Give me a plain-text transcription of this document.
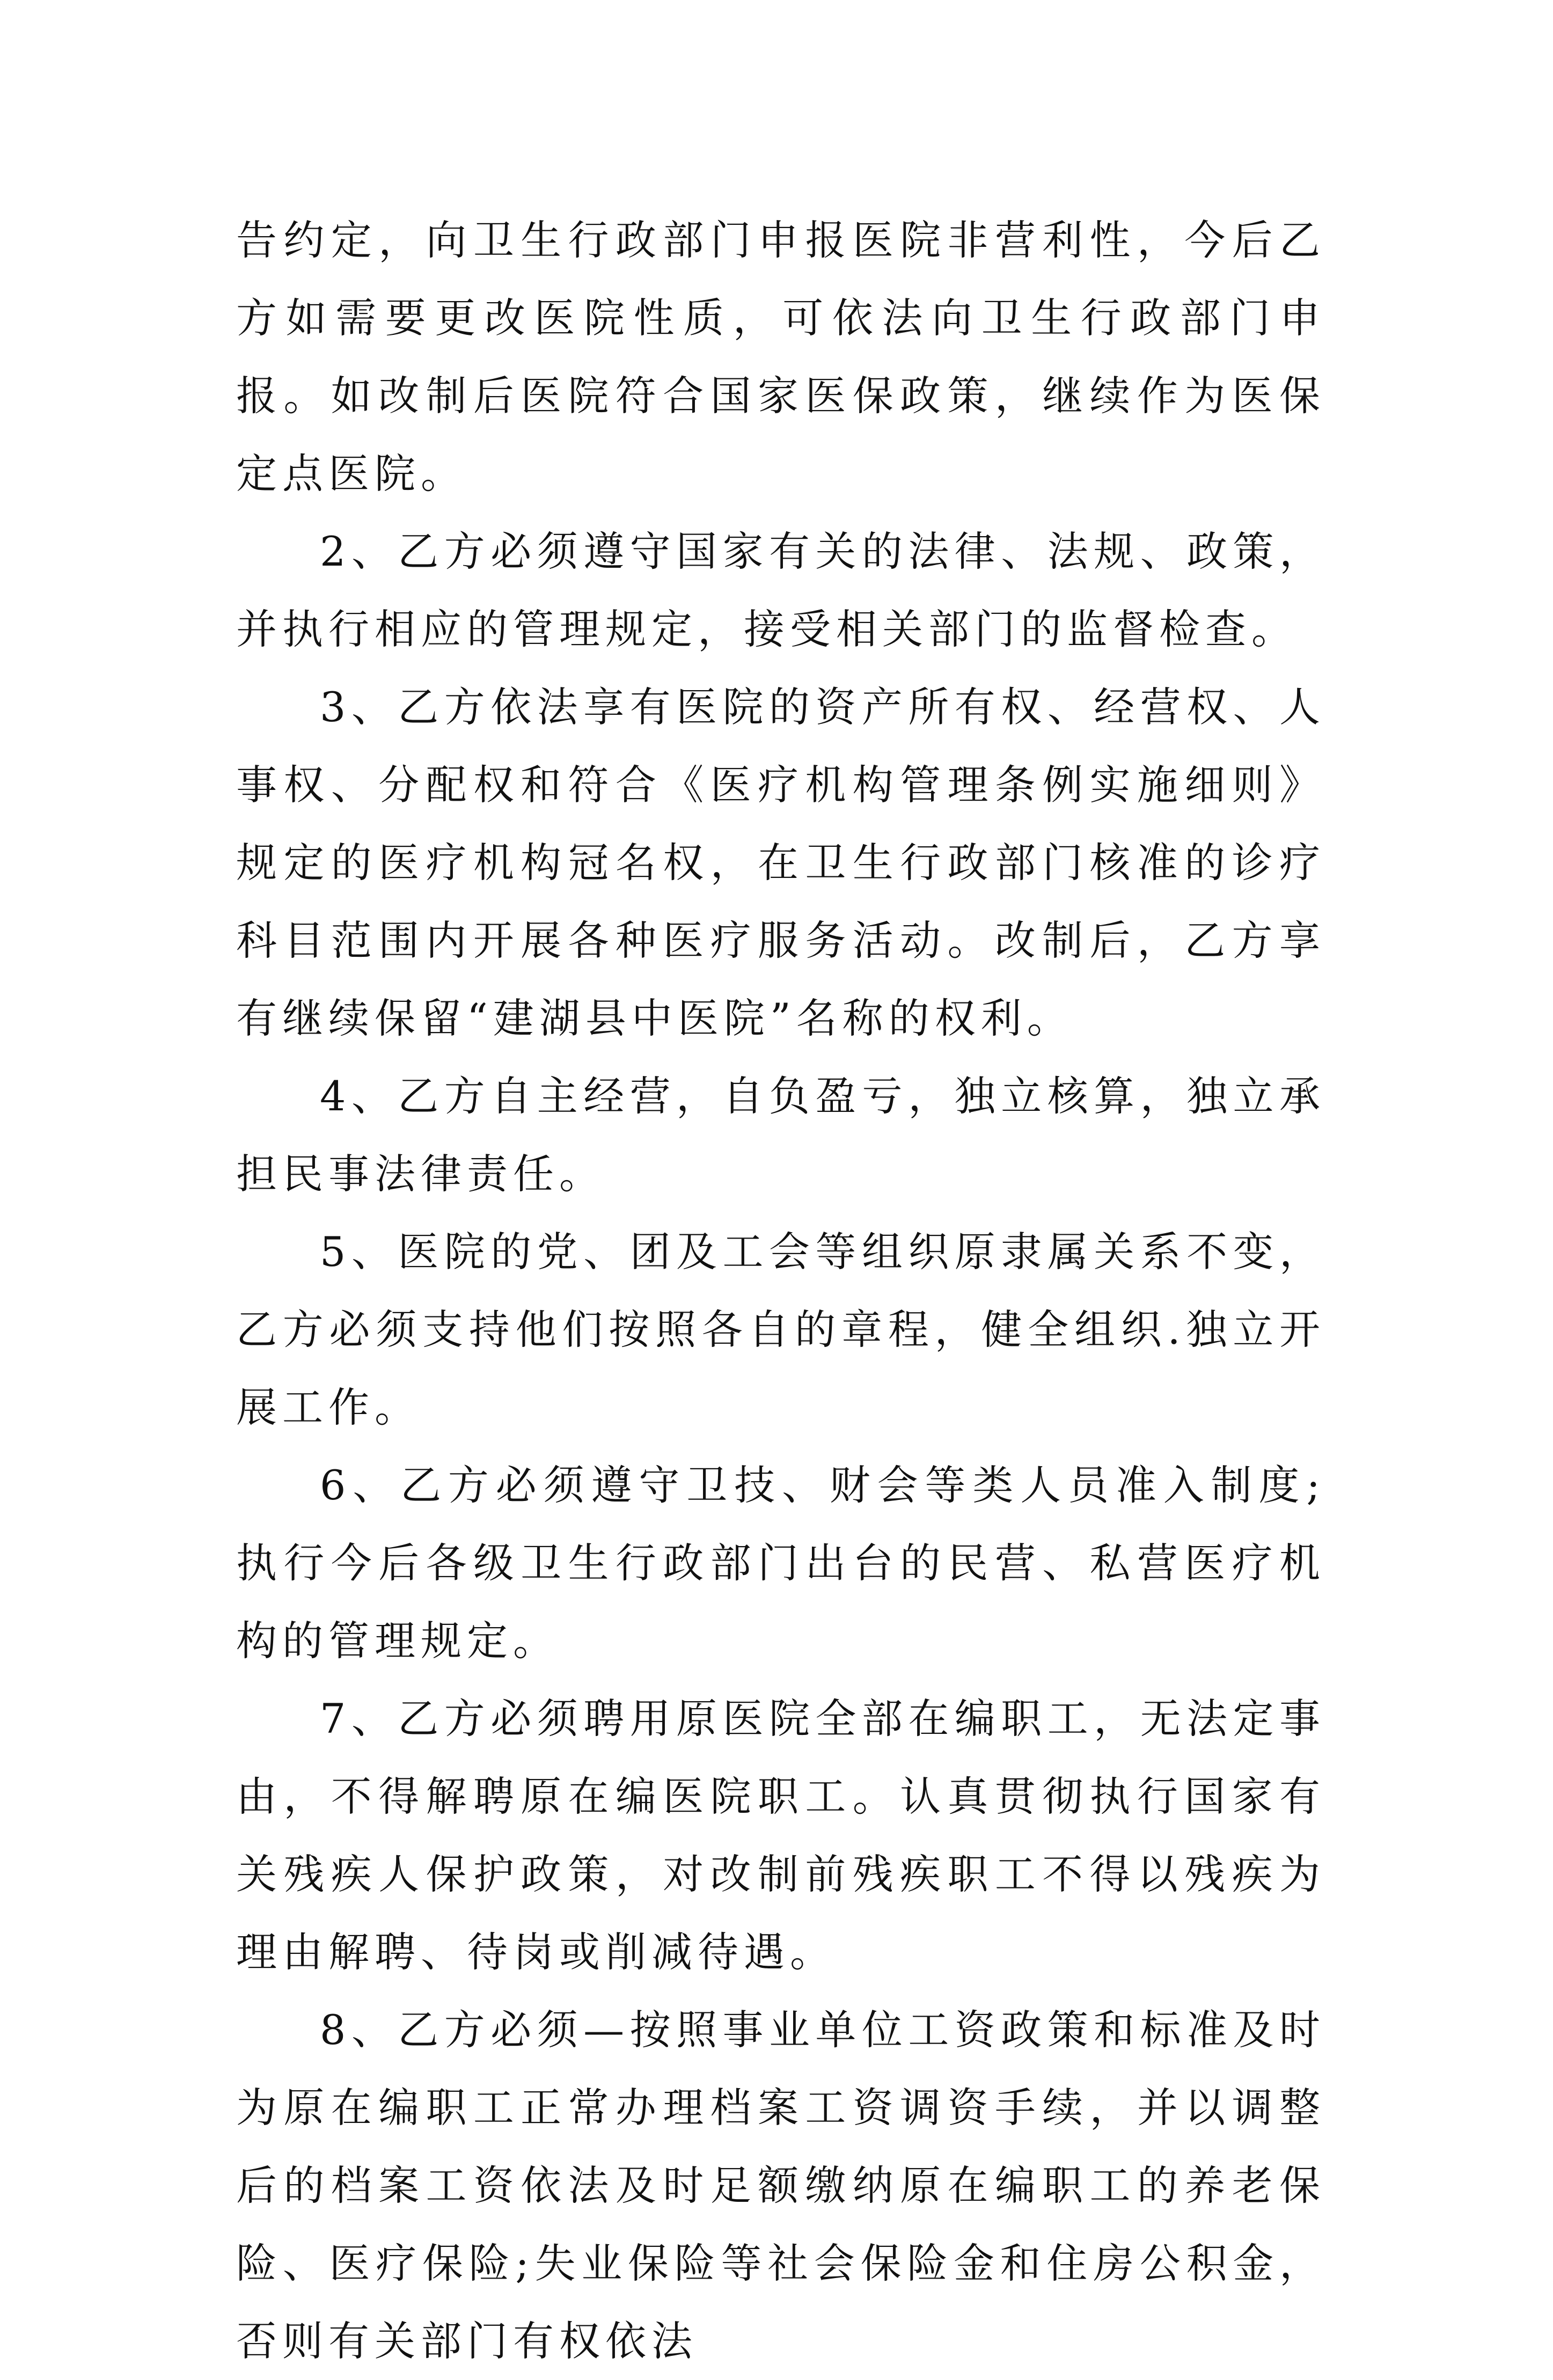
告约定，向卫生行政部门申报医院非营利性，今后乙方如需要更改医院性质，可依法向卫生行政部门申报。如改制后医院符合国家医保政策，继续作为医保定点医院。

2、乙方必须遵守国家有关的法律、法规、政策，并执行相应的管理规定，接受相关部门的监督检查。

3、乙方依法享有医院的资产所有权、经营权、人事权、分配权和符合《医疗机构管理条例实施细则》规定的医疗机构冠名权，在卫生行政部门核准的诊疗科目范围内开展各种医疗服务活动。改制后，乙方享有继续保留“建湖县中医院”名称的权利。

4、乙方自主经营，自负盈亏，独立核算，独立承担民事法律责任。

5、医院的党、团及工会等组织原隶属关系不变，乙方必须支持他们按照各自的章程，健全组织.独立开展工作。

6、乙方必须遵守卫技、财会等类人员准入制度;执行今后各级卫生行政部门出台的民营、私营医疗机构的管理规定。

7、乙方必须聘用原医院全部在编职工，无法定事由，不得解聘原在编医院职工。认真贯彻执行国家有关残疾人保护政策，对改制前残疾职工不得以残疾为理由解聘、待岗或削减待遇。

8、乙方必须—按照事业单位工资政策和标准及时为原在编职工正常办理档案工资调资手续，并以调整后的档案工资依法及时足额缴纳原在编职工的养老保险、医疗保险;失业保险等社会保险金和住房公积金，否则有关部门有权依法
